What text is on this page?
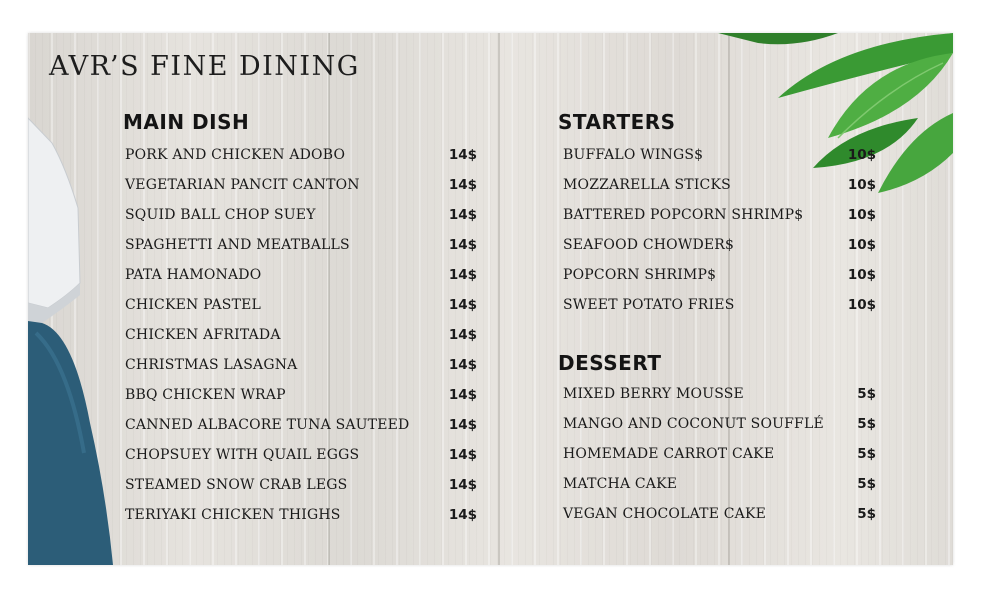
AVR’S FINE DINING
MAIN DISH
PORK AND CHICKEN ADOBO	14$
VEGETARIAN PANCIT CANTON	14$
SQUID BALL CHOP SUEY	14$
SPAGHETTI AND MEATBALLS	14$
PATA HAMONADO	14$
CHICKEN PASTEL	14$
CHICKEN AFRITADA	14$
CHRISTMAS LASAGNA	14$
BBQ CHICKEN WRAP	14$
CANNED ALBACORE TUNA SAUTEED	14$
CHOPSUEY WITH QUAIL EGGS	14$
STEAMED SNOW CRAB LEGS	14$
TERIYAKI CHICKEN THIGHS	14$
STARTERS
BUFFALO WINGS$	10$
MOZZARELLA STICKS	10$
BATTERED POPCORN SHRIMP$	10$
SEAFOOD CHOWDER$	10$
POPCORN SHRIMP$	10$
SWEET POTATO FRIES	10$
DESSERT
MIXED BERRY MOUSSE	5$
MANGO AND COCONUT SOUFFLÉ 5$
HOMEMADE CARROT CAKE	5$
MATCHA CAKE	5$
VEGAN CHOCOLATE CAKE	5$
